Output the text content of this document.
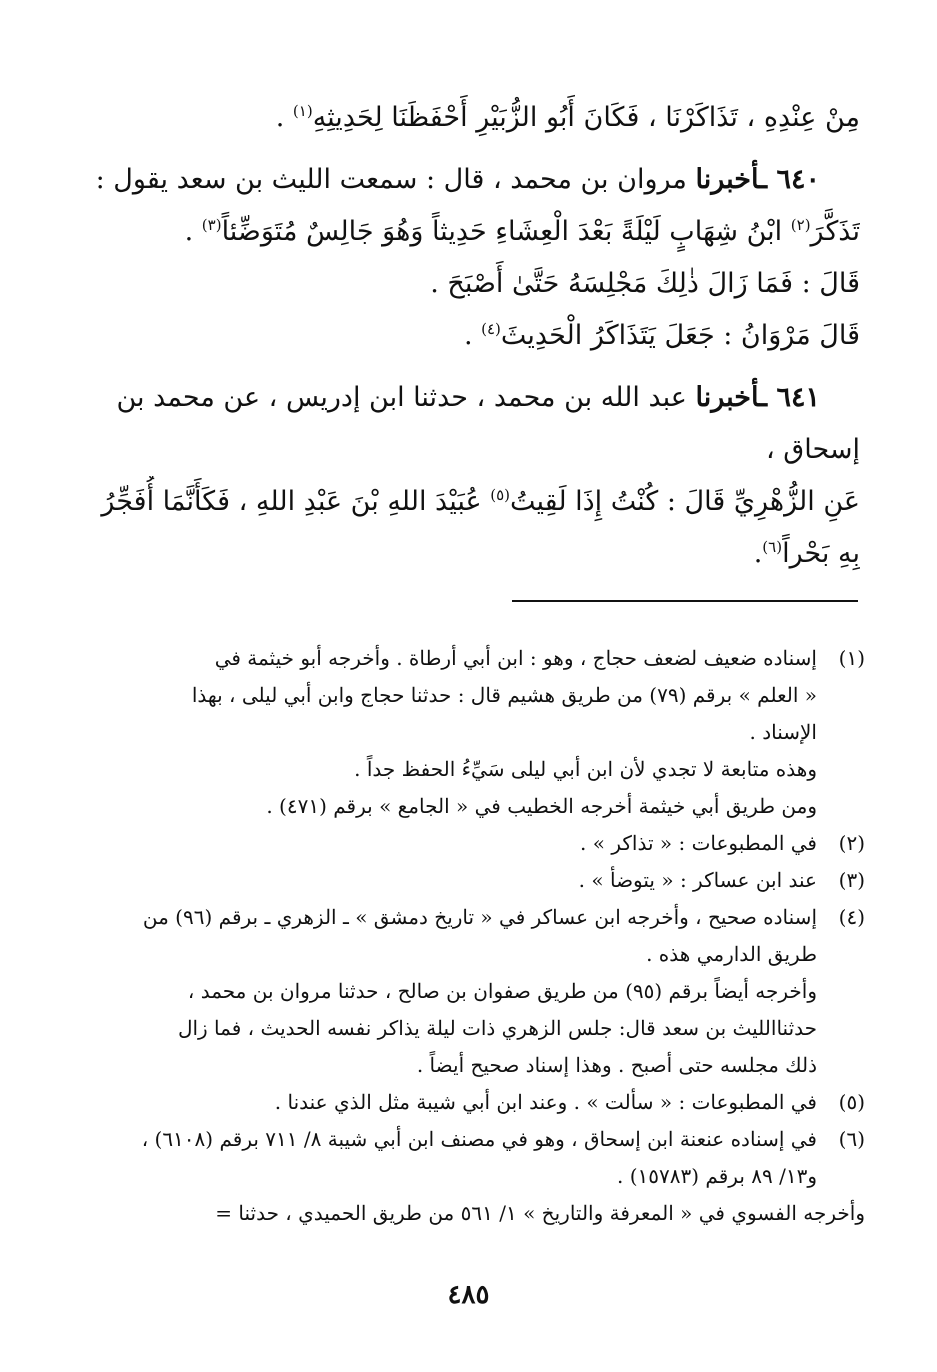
مِنْ عِنْدِهِ ، تَذَاكَرْنَا ، فَكَانَ أَبُو الزُّبَيْرِ أَحْفَظَنَا لِحَدِيثِهِ$^{(١)}$ .
٦٤٠ ـأخبرنا مروان بن محمد ، قال : سمعت الليث بن سعد يقول :
تَذَكَّرَ$^{(٢)}$ ابْنُ شِهَابٍ لَيْلَةً بَعْدَ الْعِشَاءِ حَدِيثاً وَهُوَ جَالِسٌ مُتَوَضِّئاً$^{(٣)}$ .
قَالَ : فَمَا زَالَ ذٰلِكَ مَجْلِسَهُ حَتَّىٰ أَصْبَحَ .
قَالَ مَرْوَانُ : جَعَلَ يَتَذَاكَرُ الْحَدِيثَ$^{(٤)}$ .
٦٤١ ـأخبرنا عبد الله بن محمد ، حدثنا ابن إدريس ، عن محمد بن
إسحاق ،
عَنِ الزُّهْرِيِّ قَالَ : كُنْتُ إِذَا لَقِيتُ$^{(٥)}$ عُبَيْدَ اللهِ بْنَ عَبْدِ اللهِ ، فَكَأَنَّمَا أُفَجِّرُ
بِهِ بَحْراً$^{(٦)}$.
(١)
إسناده ضعيف لضعف حجاج ، وهو : ابن أبي أرطاة . وأخرجه أبو خيثمة في
« العلم » برقم (٧٩) من طريق هشيم قال : حدثنا حجاج وابن أبي ليلى ، بهذا
الإسناد .
وهذه متابعة لا تجدي لأن ابن أبي ليلى سَيِّءُ الحفظ جداً .
ومن طريق أبي خيثمة أخرجه الخطيب في « الجامع » برقم (٤٧١) .
(٢)
في المطبوعات : « تذاكر » .
(٣)
عند ابن عساكر : « يتوضأ » .
(٤)
إسناده صحيح ، وأخرجه ابن عساكر في « تاريخ دمشق » ـ الزهري ـ برقم (٩٦) من
طريق الدارمي هذه .
وأخرجه أيضاً برقم (٩٥) من طريق صفوان بن صالح ، حدثنا مروان بن محمد ،
حدثناالليث بن سعد قال: جلس الزهري ذات ليلة يذاكر نفسه الحديث ، فما زال
ذلك مجلسه حتى أصبح . وهذا إسناد صحيح أيضاً .
(٥)
في المطبوعات : « سألت » . وعند ابن أبي شيبة مثل الذي عندنا .
(٦)
في إسناده عنعنة ابن إسحاق ، وهو في مصنف ابن أبي شيبة ٨/ ٧١١ برقم (٦١٠٨) ،
و١٣/ ٨٩ برقم (١٥٧٨٣) .
وأخرجه الفسوي في « المعرفة والتاريخ » ١/ ٥٦١ من طريق الحميدي ، حدثنا =
٤٨٥
